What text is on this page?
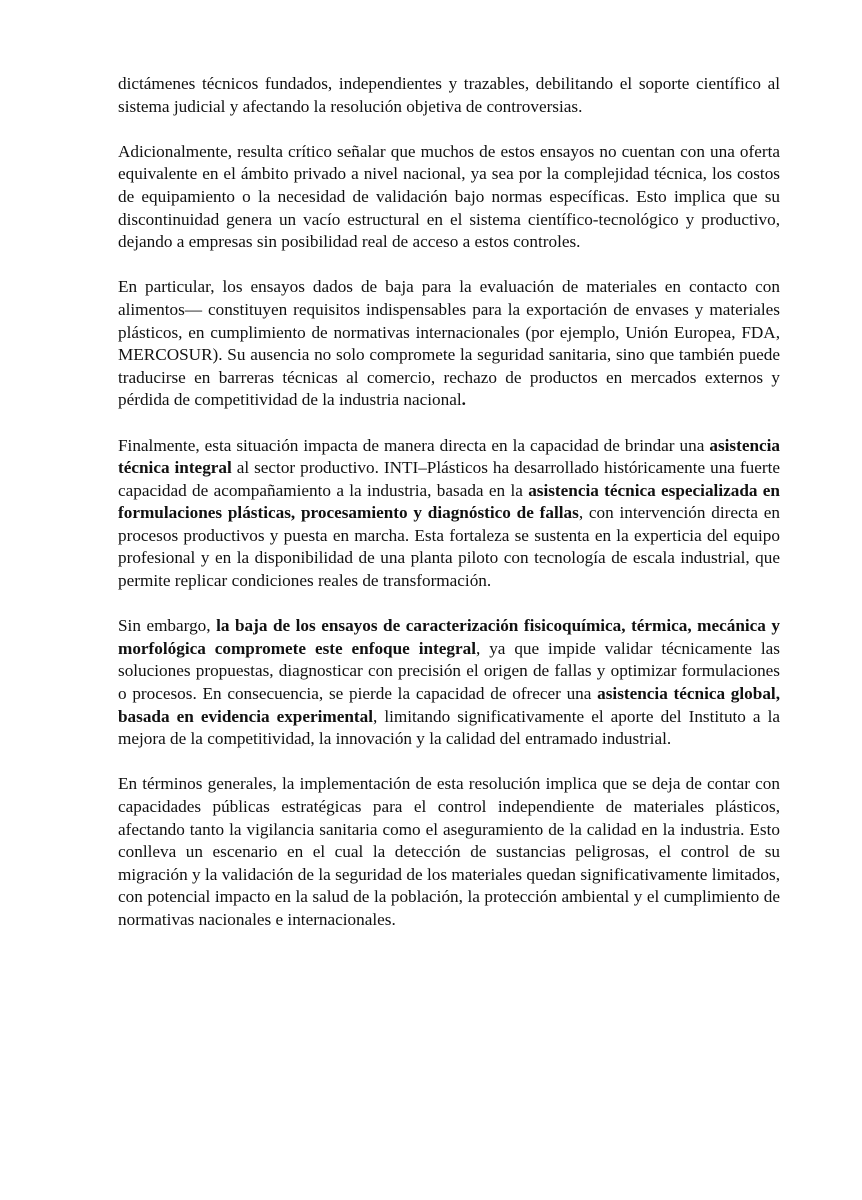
dictámenes técnicos fundados, independientes y trazables, debilitando el soporte científico al sistema judicial y afectando la resolución objetiva de controversias.

Adicionalmente, resulta crítico señalar que muchos de estos ensayos no cuentan con una oferta equivalente en el ámbito privado a nivel nacional, ya sea por la complejidad técnica, los costos de equipamiento o la necesidad de validación bajo normas específicas. Esto implica que su discontinuidad genera un vacío estructural en el sistema científico-tecnológico y productivo, dejando a empresas sin posibilidad real de acceso a estos controles.

En particular, los ensayos dados de baja para la evaluación de materiales en contacto con alimentos— constituyen requisitos indispensables para la exportación de envases y materiales plásticos, en cumplimiento de normativas internacionales (por ejemplo, Unión Europea, FDA, MERCOSUR). Su ausencia no solo compromete la seguridad sanitaria, sino que también puede traducirse en barreras técnicas al comercio, rechazo de productos en mercados externos y pérdida de competitividad de la industria nacional.

Finalmente, esta situación impacta de manera directa en la capacidad de brindar una asistencia técnica integral al sector productivo. INTI–Plásticos ha desarrollado históricamente una fuerte capacidad de acompañamiento a la industria, basada en la asistencia técnica especializada en formulaciones plásticas, procesamiento y diagnóstico de fallas, con intervención directa en procesos productivos y puesta en marcha. Esta fortaleza se sustenta en la experticia del equipo profesional y en la disponibilidad de una planta piloto con tecnología de escala industrial, que permite replicar condiciones reales de transformación.

Sin embargo, la baja de los ensayos de caracterización fisicoquímica, térmica, mecánica y morfológica compromete este enfoque integral, ya que impide validar técnicamente las soluciones propuestas, diagnosticar con precisión el origen de fallas y optimizar formulaciones o procesos. En consecuencia, se pierde la capacidad de ofrecer una asistencia técnica global, basada en evidencia experimental, limitando significativamente el aporte del Instituto a la mejora de la competitividad, la innovación y la calidad del entramado industrial.

En términos generales, la implementación de esta resolución implica que se deja de contar con capacidades públicas estratégicas para el control independiente de materiales plásticos, afectando tanto la vigilancia sanitaria como el aseguramiento de la calidad en la industria. Esto conlleva un escenario en el cual la detección de sustancias peligrosas, el control de su migración y la validación de la seguridad de los materiales quedan significativamente limitados, con potencial impacto en la salud de la población, la protección ambiental y el cumplimiento de normativas nacionales e internacionales.
